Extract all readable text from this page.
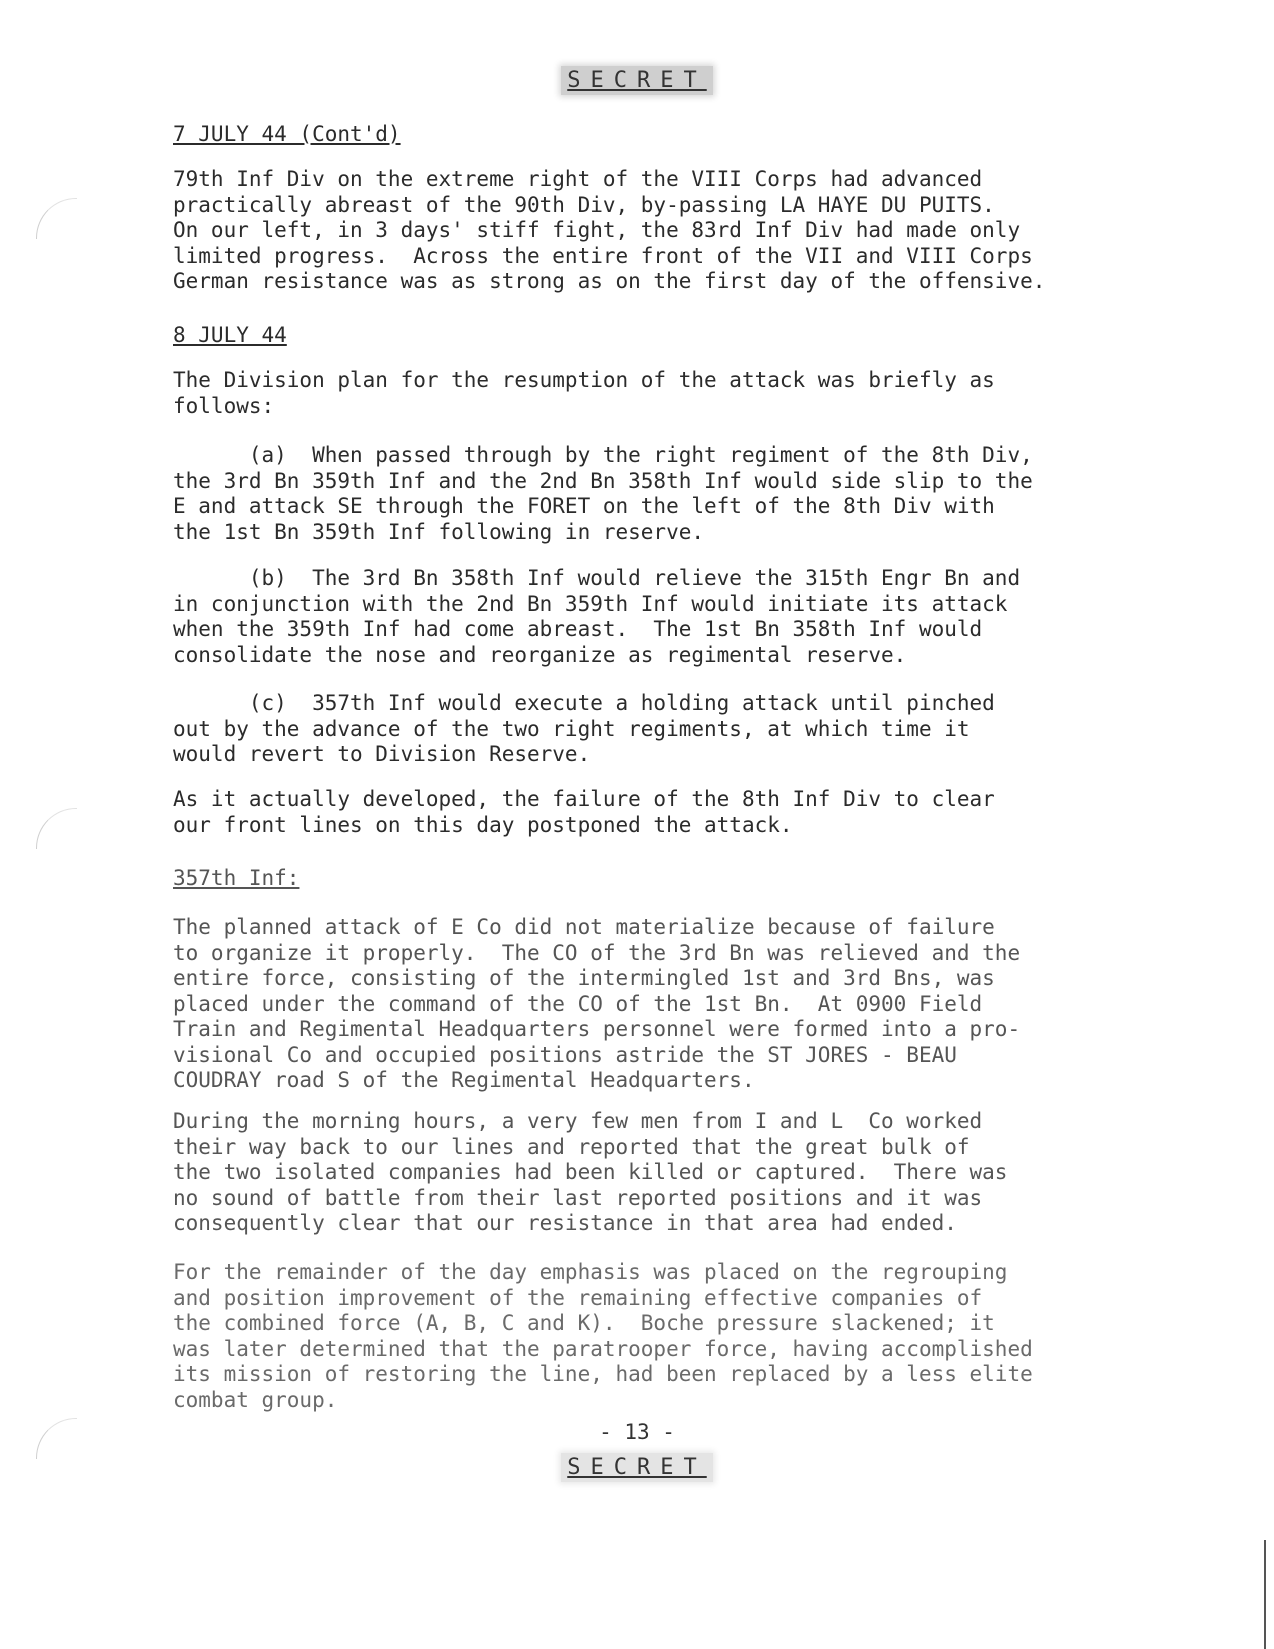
SECRET
7 JULY 44 (Cont'd)
79th Inf Div on the extreme right of the VIII Corps had advanced
practically abreast of the 90th Div, by-passing LA HAYE DU PUITS.
On our left, in 3 days' stiff fight, the 83rd Inf Div had made only
limited progress.  Across the entire front of the VII and VIII Corps
German resistance was as strong as on the first day of the offensive.
8 JULY 44
The Division plan for the resumption of the attack was briefly as
follows:
(a)  When passed through by the right regiment of the 8th Div,
the 3rd Bn 359th Inf and the 2nd Bn 358th Inf would side slip to the
E and attack SE through the FORET on the left of the 8th Div with
the 1st Bn 359th Inf following in reserve.
(b)  The 3rd Bn 358th Inf would relieve the 315th Engr Bn and
in conjunction with the 2nd Bn 359th Inf would initiate its attack
when the 359th Inf had come abreast.  The 1st Bn 358th Inf would
consolidate the nose and reorganize as regimental reserve.
(c)  357th Inf would execute a holding attack until pinched
out by the advance of the two right regiments, at which time it
would revert to Division Reserve.
As it actually developed, the failure of the 8th Inf Div to clear
our front lines on this day postponed the attack.
357th Inf:
The planned attack of E Co did not materialize because of failure
to organize it properly.  The CO of the 3rd Bn was relieved and the
entire force, consisting of the intermingled 1st and 3rd Bns, was
placed under the command of the CO of the 1st Bn.  At 0900 Field
Train and Regimental Headquarters personnel were formed into a pro-
visional Co and occupied positions astride the ST JORES - BEAU
COUDRAY road S of the Regimental Headquarters.
During the morning hours, a very few men from I and L  Co worked
their way back to our lines and reported that the great bulk of
the two isolated companies had been killed or captured.  There was
no sound of battle from their last reported positions and it was
consequently clear that our resistance in that area had ended.
For the remainder of the day emphasis was placed on the regrouping
and position improvement of the remaining effective companies of
the combined force (A, B, C and K).  Boche pressure slackened; it
was later determined that the paratrooper force, having accomplished
its mission of restoring the line, had been replaced by a less elite
combat group.
- 13 -
SECRET
